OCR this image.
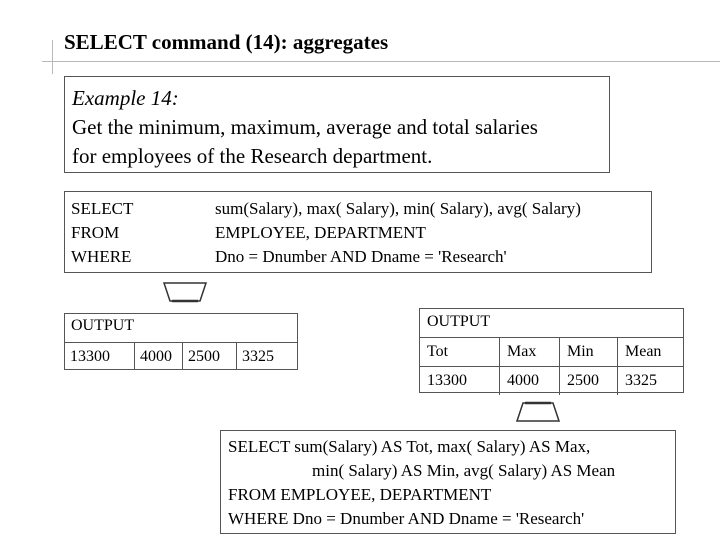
SELECT command (14): aggregates
Example 14:
Get the minimum, maximum, average and total salaries
for employees of the Research department.
SELECT	sum(Salary), max( Salary), min( Salary), avg( Salary)
FROM	EMPLOYEE, DEPARTMENT
WHERE	Dno = Dnumber AND Dname = 'Research'
OUTPUT
13300	4000	2500	3325
OUTPUT
Tot	Max	Min	Mean
13300	4000	2500	3325
SELECT sum(Salary) AS Tot, max( Salary) AS Max,
min( Salary) AS Min, avg( Salary) AS Mean
FROM EMPLOYEE, DEPARTMENT
WHERE Dno = Dnumber AND Dname = 'Research'
